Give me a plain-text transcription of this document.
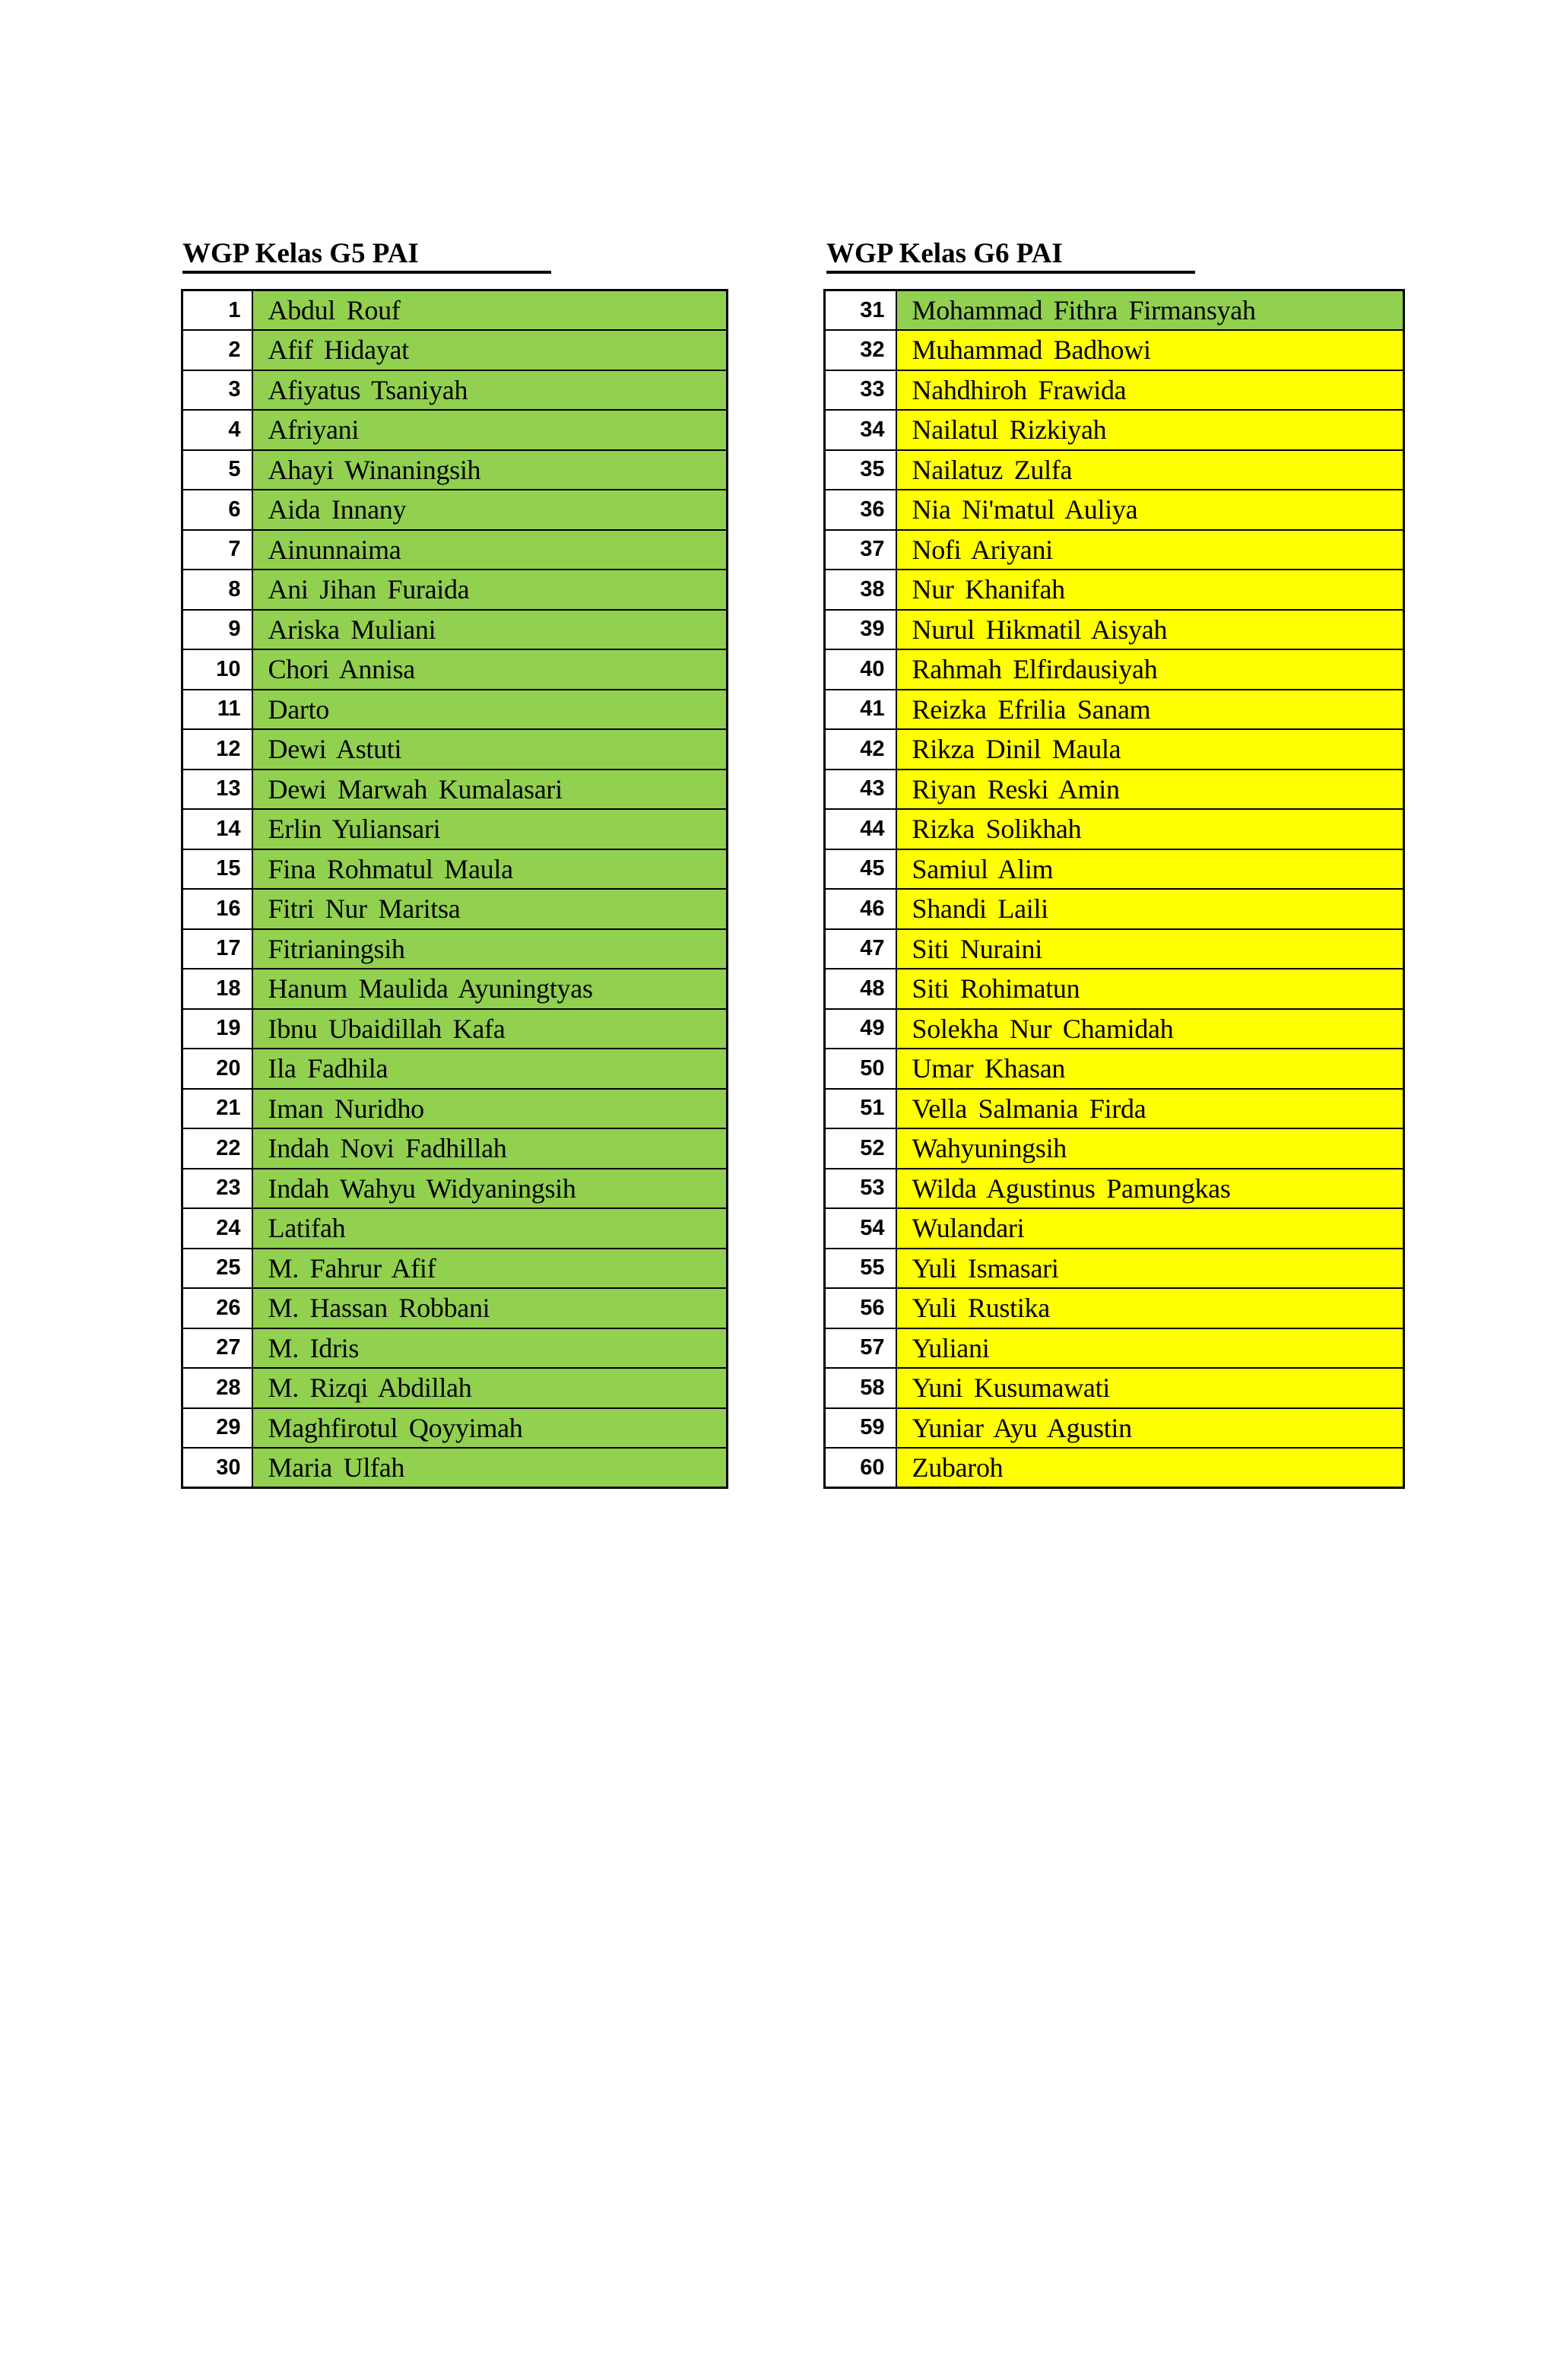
WGP Kelas G5 PAI	WGP Kelas G6 PAI
1	Abdul Rouf
2	Afif Hidayat
3	Afiyatus Tsaniyah
4	Afriyani
5	Ahayi Winaningsih
6	Aida Innany
7	Ainunnaima
8	Ani Jihan Furaida
9	Ariska Muliani
10	Chori Annisa
11	Darto
12	Dewi Astuti
13	Dewi Marwah Kumalasari
14	Erlin Yuliansari
15	Fina Rohmatul Maula
16	Fitri Nur Maritsa
17	Fitrianingsih
18	Hanum Maulida Ayuningtyas
19	Ibnu Ubaidillah Kafa
20	Ila Fadhila
21	Iman Nuridho
22	Indah Novi Fadhillah
23	Indah Wahyu Widyaningsih
24	Latifah
25	M. Fahrur Afif
26	M. Hassan Robbani
27	M. Idris
28	M. Rizqi Abdillah
29	Maghfirotul Qoyyimah
30	Maria Ulfah
31	Mohammad Fithra Firmansyah
32	Muhammad Badhowi
33	Nahdhiroh Frawida
34	Nailatul Rizkiyah
35	Nailatuz Zulfa
36	Nia Ni'matul Auliya
37	Nofi Ariyani
38	Nur Khanifah
39	Nurul Hikmatil Aisyah
40	Rahmah Elfirdausiyah
41	Reizka Efrilia Sanam
42	Rikza Dinil Maula
43	Riyan Reski Amin
44	Rizka Solikhah
45	Samiul Alim
46	Shandi Laili
47	Siti Nuraini
48	Siti Rohimatun
49	Solekha Nur Chamidah
50	Umar Khasan
51	Vella Salmania Firda
52	Wahyuningsih
53	Wilda Agustinus Pamungkas
54	Wulandari
55	Yuli Ismasari
56	Yuli Rustika
57	Yuliani
58	Yuni Kusumawati
59	Yuniar Ayu Agustin
60	Zubaroh
